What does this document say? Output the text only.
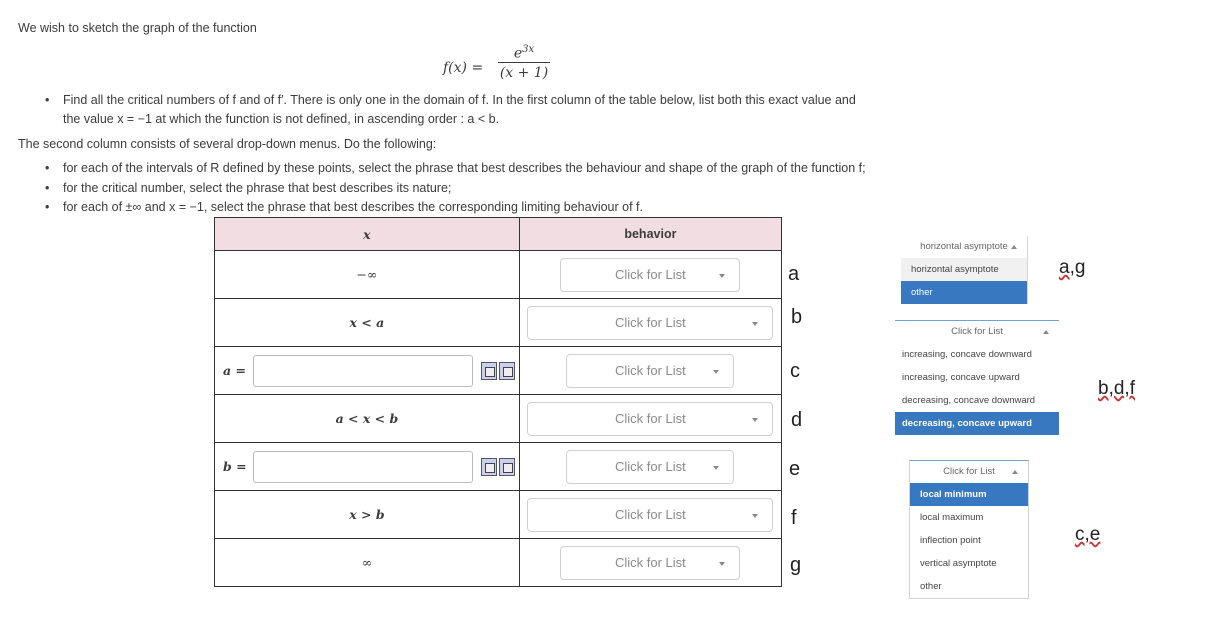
We wish to sketch the graph of the function
f(x) =
$e^{3x}$
(x + 1)
• Find all the critical numbers of f and of f′. There is only one in the domain of f. In the first column of the table below, list both this exact value and
the value x = −1 at which the function is not defined, in ascending order : a < b.
The second column consists of several drop-down menus. Do the following:
• for each of the intervals of R defined by these points, select the phrase that best describes the behaviour and shape of the graph of the function f;
• for the critical number, select the phrase that best describes its nature;
• for each of ±∞ and x = −1, select the phrase that best describes the corresponding limiting behaviour of f.
x	behavior
−∞	Click for List

x < a	Click for List

a =	Click for List

a < x < b	Click for List

b =	Click for List

x > b	Click for List

∞	Click for List
a
b
c
d
e
f
g
horizontal asymptote
horizontal asymptote
other
a,g
Click for List
increasing, concave downward
increasing, concave upward
decreasing, concave downward
decreasing, concave upward
b,d,f
Click for List
local minimum
local maximum
inflection point
vertical asymptote
other
c,e
